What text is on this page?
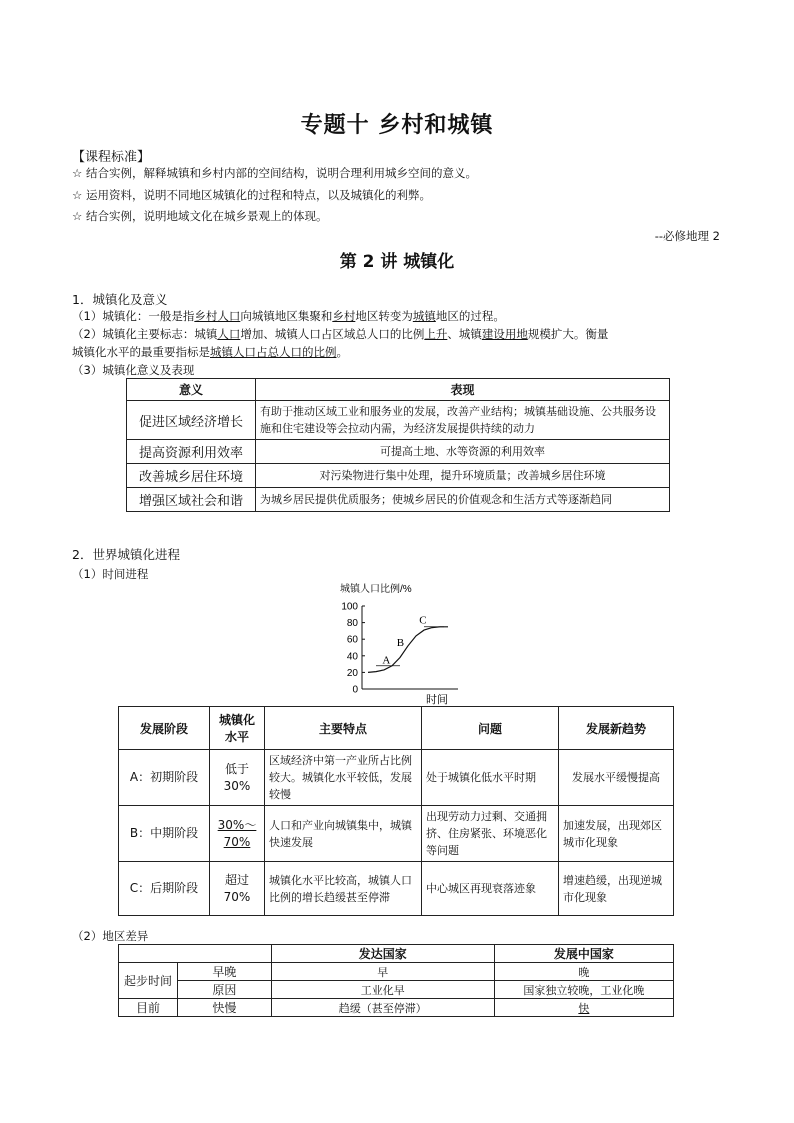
专题十 乡村和城镇
【课程标准】
☆ 结合实例，解释城镇和乡村内部的空间结构，说明合理利用城乡空间的意义。
☆ 运用资料，说明不同地区城镇化的过程和特点，以及城镇化的利弊。
☆ 结合实例，说明地域文化在城乡景观上的体现。
--必修地理 2
第 2 讲 城镇化
1．城镇化及意义
（1）城镇化：一般是指乡村人口向城镇地区集聚和乡村地区转变为城镇地区的过程。
（2）城镇化主要标志：城镇人口增加、城镇人口占区域总人口的比例上升、城镇建设用地规模扩大。衡量
城镇化水平的最重要指标是城镇人口占总人口的比例。
（3）城镇化意义及表现
意义	表现
促进区域经济增长	有助于推动区域工业和服务业的发展，改善产业结构；城镇基础设施、公共服务设施和住宅建设等会拉动内需，为经济发展提供持续的动力
提高资源利用效率	可提高土地、水等资源的利用效率
改善城乡居住环境	对污染物进行集中处理，提升环境质量；改善城乡居住环境
增强区域社会和谐	为城乡居民提供优质服务；使城乡居民的价值观念和生活方式等逐渐趋同
2．世界城镇化进程
（1）时间进程
城镇人口比例/%
0
20
40
60
80
100
A
B
C
时间
发展阶段	城镇化水平	主要特点	问题	发展新趋势
A：初期阶段	低于30%	区域经济中第一产业所占比例较大。城镇化水平较低，发展较慢	处于城镇化低水平时期	发展水平缓慢提高
B：中期阶段	30%～70%	人口和产业向城镇集中，城镇快速发展	出现劳动力过剩、交通拥挤、住房紧张、环境恶化等问题	加速发展，出现郊区城市化现象
C：后期阶段	超过70%	城镇化水平比较高，城镇人口比例的增长趋缓甚至停滞	中心城区再现衰落迹象	增速趋缓，出现逆城市化现象
（2）地区差异
		发达国家	发展中国家
起步时间	早晚	早	晚
	原因	工业化早	国家独立较晚，工业化晚
目前	快慢	趋缓（甚至停滞）	快
